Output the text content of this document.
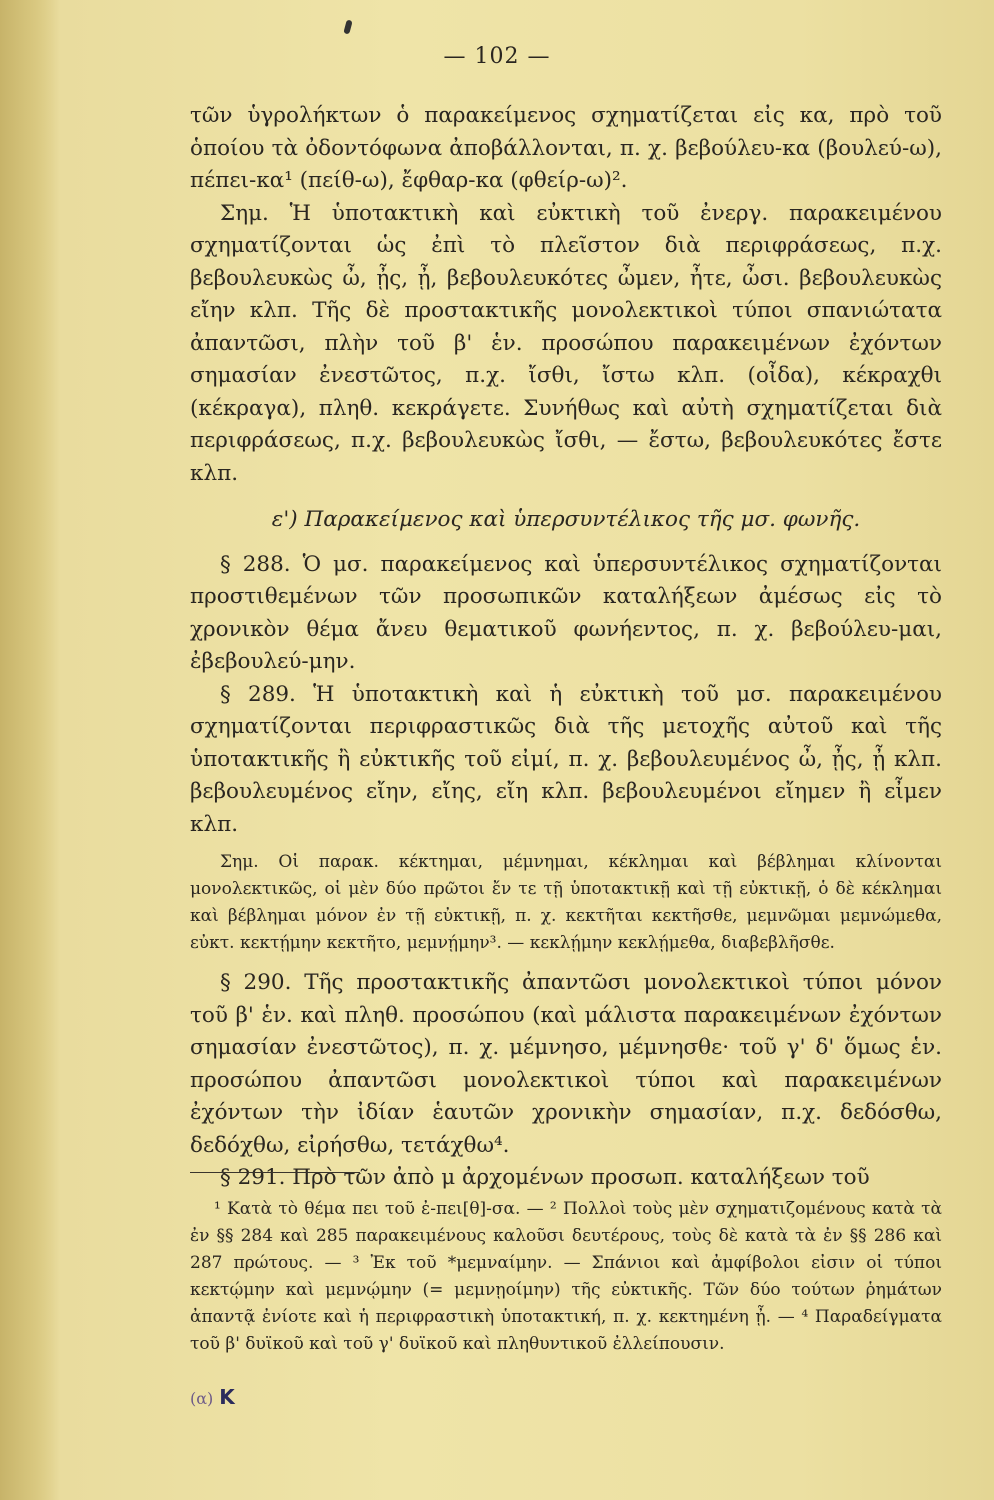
— 102 —

τῶν ὑγρολήκτων ὁ παρακείμενος σχηματίζεται εἰς κα, πρὸ τοῦ ὁποίου τὰ ὀδοντόφωνα ἀποβάλλονται, π. χ. βεβούλευ-κα (βουλεύ-ω), πέπει-κα¹ (πείθ-ω), ἔφθαρ-κα (φθείρ-ω)².

Σημ. Ἡ ὑποτακτικὴ καὶ εὐκτικὴ τοῦ ἐνεργ. παρακειμένου σχηματίζονται ὡς ἐπὶ τὸ πλεῖστον διὰ περιφράσεως, π.χ. βεβουλευκὼς ὦ, ᾖς, ᾖ, βεβουλευκότες ὦμεν, ἦτε, ὦσι. βεβουλευκὼς εἴην κλπ. Τῆς δὲ προστακτικῆς μονολεκτικοὶ τύποι σπανιώτατα ἀπαντῶσι, πλὴν τοῦ β' ἑν. προσώπου παρακειμένων ἐχόντων σημασίαν ἐνεστῶτος, π.χ. ἴσθι, ἴστω κλπ. (οἶδα), κέκραχθι (κέκραγα), πληθ. κεκράγετε. Συνήθως καὶ αὐτὴ σχηματίζεται διὰ περιφράσεως, π.χ. βεβουλευκὼς ἴσθι, — ἔστω, βεβουλευκότες ἔστε κλπ.

ε') Παρακείμενος καὶ ὑπερσυντέλικος τῆς μσ. φωνῆς.

§ 288. Ὁ μσ. παρακείμενος καὶ ὑπερσυντέλικος σχηματίζονται προστιθεμένων τῶν προσωπικῶν καταλήξεων ἀμέσως εἰς τὸ χρονικὸν θέμα ἄνευ θεματικοῦ φωνήεντος, π. χ. βεβούλευ-μαι, ἐβεβουλεύ-μην.

§ 289. Ἡ ὑποτακτικὴ καὶ ἡ εὐκτικὴ τοῦ μσ. παρακειμένου σχηματίζονται περιφραστικῶς διὰ τῆς μετοχῆς αὐτοῦ καὶ τῆς ὑποτακτικῆς ἢ εὐκτικῆς τοῦ εἰμί, π. χ. βεβουλευμένος ὦ, ᾖς, ᾖ κλπ. βεβουλευμένος εἴην, εἴης, εἴη κλπ. βεβουλευμένοι εἴημεν ἢ εἶμεν κλπ.

Σημ. Οἱ παρακ. κέκτημαι, μέμνημαι, κέκλημαι καὶ βέβλημαι κλίνονται μονολεκτικῶς, οἱ μὲν δύο πρῶτοι ἔν τε τῇ ὑποτακτικῇ καὶ τῇ εὐκτικῇ, ὁ δὲ κέκλημαι καὶ βέβλημαι μόνον ἐν τῇ εὐκτικῇ, π. χ. κεκτῆται κεκτῆσθε, μεμνῶμαι μεμνώμεθα, εὐκτ. κεκτῄμην κεκτῆτο, μεμνῄμην³. — κεκλῄμην κεκλῄμεθα, διαβεβλῆσθε.

§ 290. Τῆς προστακτικῆς ἀπαντῶσι μονολεκτικοὶ τύποι μόνον τοῦ β' ἑν. καὶ πληθ. προσώπου (καὶ μάλιστα παρακειμένων ἐχόντων σημασίαν ἐνεστῶτος), π. χ. μέμνησο, μέμνησθε· τοῦ γ' δ' ὅμως ἑν. προσώπου ἀπαντῶσι μονολεκτικοὶ τύποι καὶ παρακειμένων ἐχόντων τὴν ἰδίαν ἑαυτῶν χρονικὴν σημασίαν, π.χ. δεδόσθω, δεδόχθω, εἰρήσθω, τετάχθω⁴.

§ 291. Πρὸ τῶν ἀπὸ μ ἀρχομένων προσωπ. καταλήξεων τοῦ

¹ Κατὰ τὸ θέμα πει τοῦ ἐ-πει[θ]-σα. — ² Πολλοὶ τοὺς μὲν σχηματιζομένους κατὰ τὰ ἐν §§ 284 καὶ 285 παρακειμένους καλοῦσι δευτέρους, τοὺς δὲ κατὰ τὰ ἐν §§ 286 καὶ 287 πρώτους. — ³ Ἐκ τοῦ *μεμναίμην. — Σπάνιοι καὶ ἀμφίβολοι εἰσιν οἱ τύποι κεκτῴμην καὶ μεμνῴμην (= μεμνῃοίμην) τῆς εὐκτικῆς. Τῶν δύο τούτων ῥημάτων ἀπαντᾷ ἐνίοτε καὶ ἡ περιφραστικὴ ὑποτακτική, π. χ. κεκτημένη ᾖ. — ⁴ Παραδείγματα τοῦ β' δυϊκοῦ καὶ τοῦ γ' δυϊκοῦ καὶ πληθυντικοῦ ἐλλείπουσιν.

(α) K
